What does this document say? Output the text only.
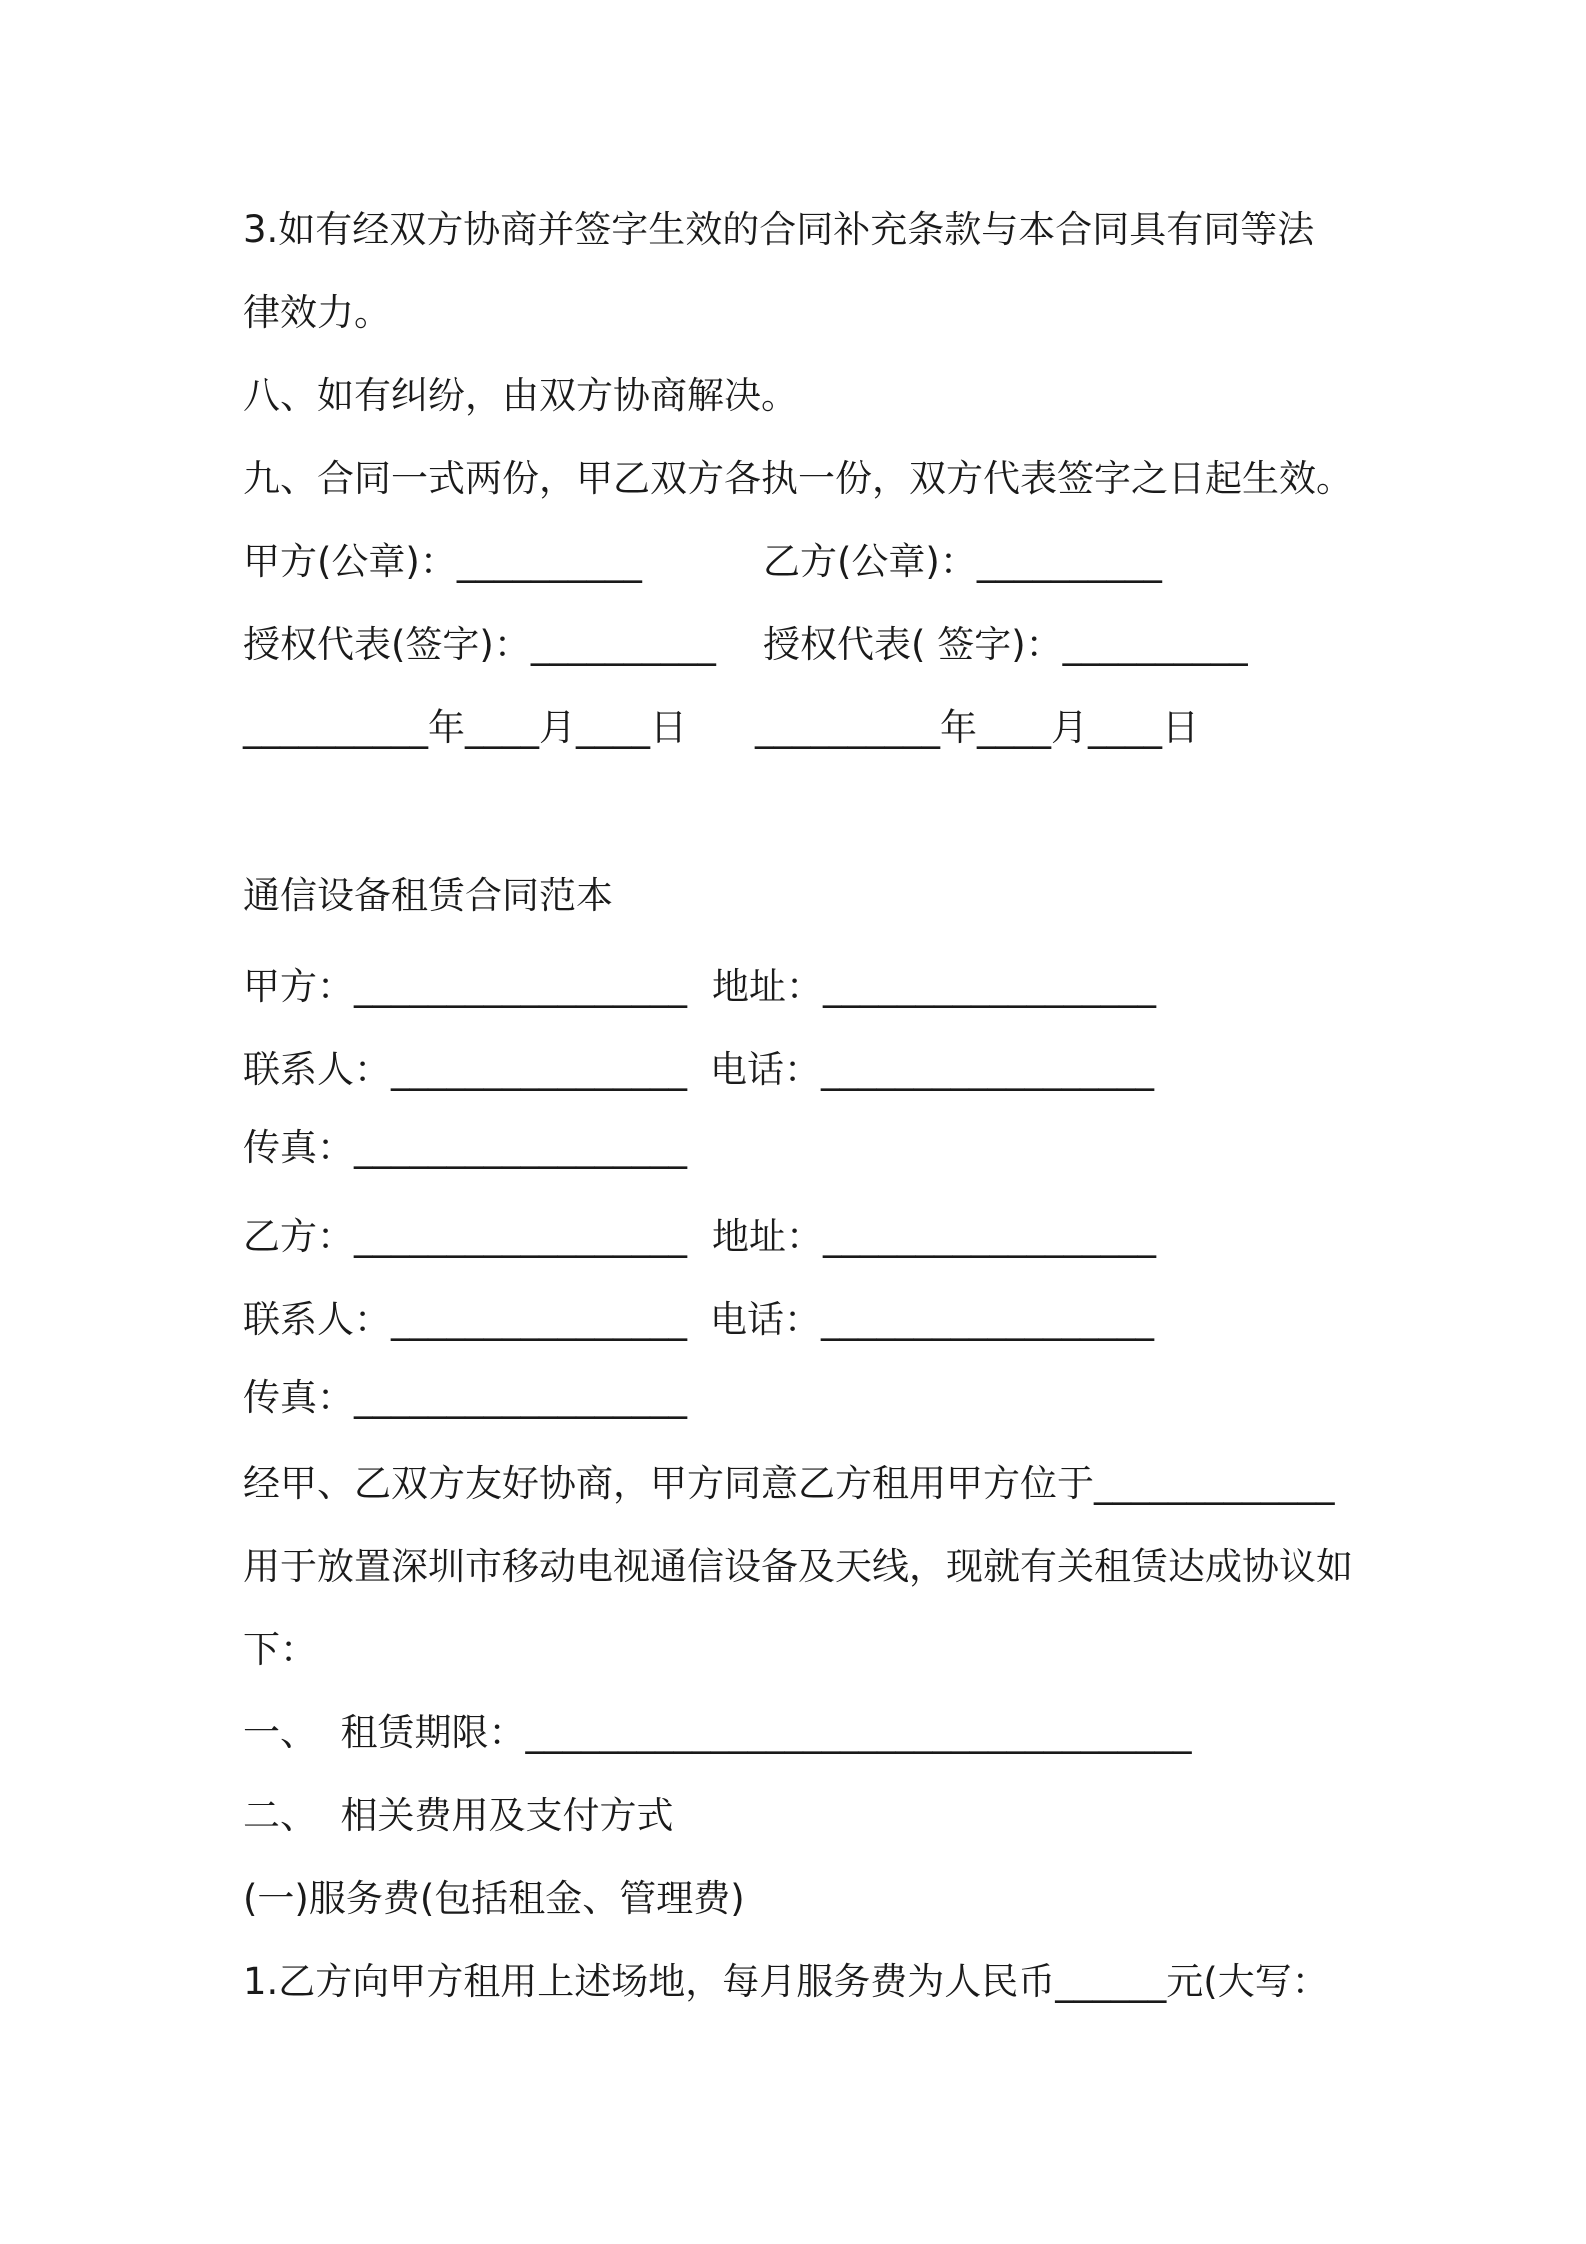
3.如有经双方协商并签字生效的合同补充条款与本合同具有同等法
律效力。
八、如有纠纷，由双方协商解决。
九、合同一式两份，甲乙双方各执一份，双方代表签字之日起生效。
甲方(公章)：__________	乙方(公章)：__________
授权代表(签字)：__________ 授权代表( 签字)：__________
__________年____月____日 __________年____月____日
通信设备租赁合同范本
甲方：__________________ 地址：__________________
联系人：________________ 电话：__________________
传真：__________________
乙方：__________________ 地址：__________________
联系人：________________ 电话：__________________
传真：__________________
经甲、乙双方友好协商，甲方同意乙方租用甲方位于_____________
用于放置深圳市移动电视通信设备及天线，现就有关租赁达成协议如
下：
一、  租赁期限：____________________________________
二、  相关费用及支付方式
(一)服务费(包括租金、管理费)
1.乙方向甲方租用上述场地，每月服务费为人民币______元(大写：
